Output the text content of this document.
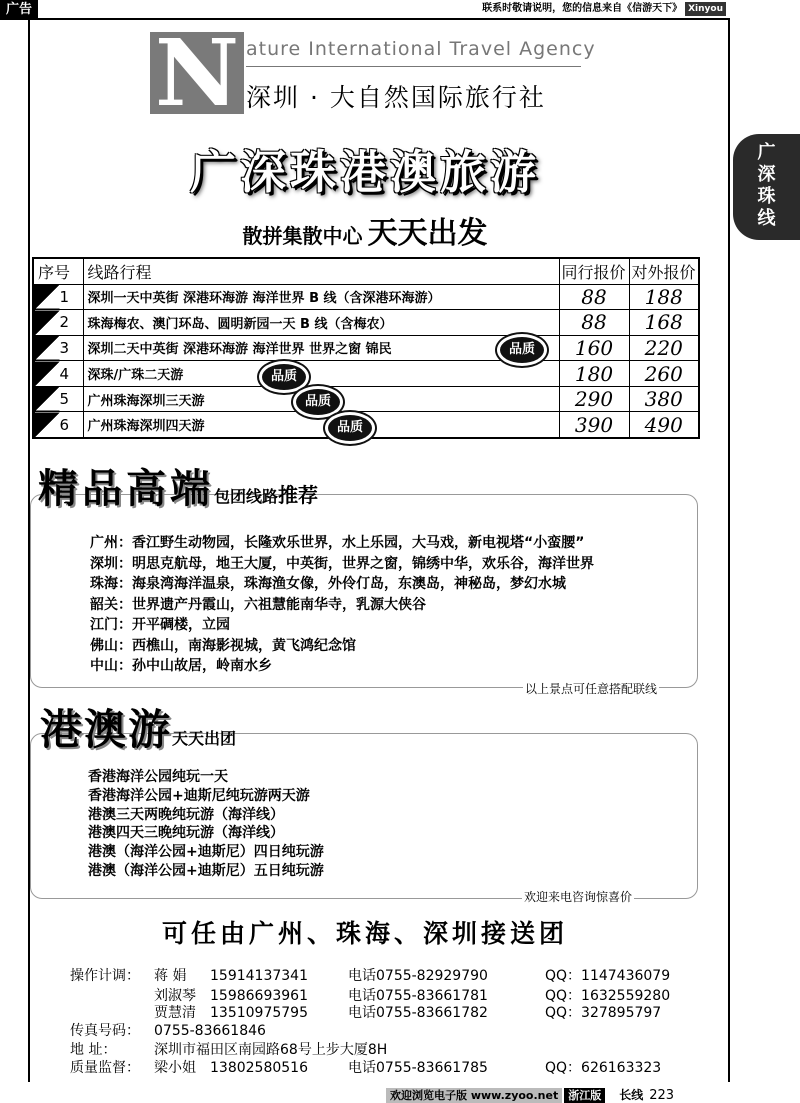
广告	联系时敬请说明，您的信息来自《信游天下》 Xinyou
广
深
珠
线
N ature International Travel Agency
深圳 · 大自然国际旅行社
广深珠港澳旅游
散拼集散中心 天天出发
序号	线路行程	同行报价	对外报价
1	深圳一天中英街 深港环海游 海洋世界 B 线（含深港环海游）	88	188
2	珠海梅农、澳门环岛、圆明新园一天 B 线（含梅农）	88	168
3	深圳二天中英街 深港环海游 海洋世界 世界之窗 锦民	160	220
4	深珠/广珠二天游	180	260
5	广州珠海深圳三天游	290	380
6	广州珠海深圳四天游	390	490
品质
品质
品质
品质
精品高端包团线路推荐
广州：香江野生动物园，长隆欢乐世界，水上乐园，大马戏，新电视塔“小蛮腰”
深圳：明思克航母，地王大厦，中英街，世界之窗，锦绣中华，欢乐谷，海洋世界
珠海：海泉湾海洋温泉，珠海渔女像，外伶仃岛，东澳岛，神秘岛，梦幻水城
韶关：世界遗产丹霞山，六祖慧能南华寺，乳源大侠谷
江门：开平碉楼，立园
佛山：西樵山，南海影视城，黄飞鸿纪念馆
中山：孙中山故居，岭南水乡
以上景点可任意搭配联线
港澳游天天出团
香港海洋公园纯玩一天
香港海洋公园+迪斯尼纯玩游两天游
港澳三天两晚纯玩游（海洋线）
港澳四天三晚纯玩游（海洋线）
港澳（海洋公园+迪斯尼）四日纯玩游
港澳（海洋公园+迪斯尼）五日纯玩游
欢迎来电咨询惊喜价
可任由广州、珠海、深圳接送团
操作计调： 蒋 娟 15914137341	电话0755-82929790	QQ：1147436079
刘淑琴 15986693961	电话0755-83661781	QQ：1632559280
贾慧清 13510975795	电话0755-83661782	QQ：327895797
传真号码： 0755-83661846
地 址：	深圳市福田区南园路68号上步大厦8H
质量监督： 梁小姐 13802580516	电话0755-83661785	QQ：626163323
欢迎浏览电子版 www.zyoo.net 浙江版 长线 223
